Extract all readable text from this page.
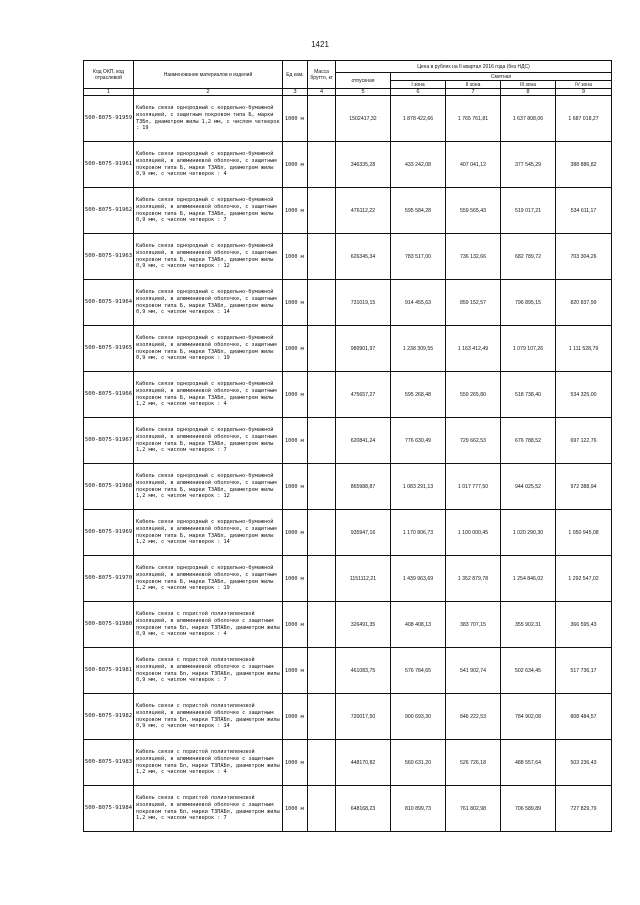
1421
Код ОКП, код отраслевой	Наименование материалов и изделий	Ед изм.	Масса брутто, кг	Цена в рублях на II квартал 2016 года (без НДС)				
				отпускная	Сметная			
					I зона	II зона	III зона	IV зона
1	2	3	4	5	6	7	8	9
500-8075-91959	Кабель связи однородный с кордельно-бумажной изоляцией, с защитным покровом типа Б, марки ТЗБп, диаметром жилы 1,2 мм, с числом четверок : 19	1000 м		1502417,32	1 878 422,66	1 765 761,81	1 637 808,06	1 687 018,27
500-8075-91961	Кабель связи однородный с кордельно-бумажной изоляцией, в алюминиевой оболочке, с защитным покровом типа Б, марки ТЗАБп, диаметром жилы 0,9 мм, с числом четверок : 4	1000 м		346335,28	433 242,08	407 041,12	377 545,29	388 886,82
500-8075-91962	Кабель связи однородный с кордельно-бумажной изоляцией, в алюминиевой оболочке, с защитным покровом типа Б, марки ТЗАБп, диаметром жилы 0,9 мм, с числом четверок : 7	1000 м		476112,22	595 584,28	559 565,43	519 017,21	534 611,17
500-8075-91963	Кабель связи однородный с кордельно-бумажной изоляцией, в алюминиевой оболочке, с защитным покровом типа Б, марки ТЗАБп, диаметром жилы 0,9 мм, с числом четверок : 12	1000 м		626345,34	783 517,00	736 132,66	682 789,72	703 304,26
500-8075-91964	Кабель связи однородный с кордельно-бумажной изоляцией, в алюминиевой оболочке, с защитным покровом типа Б, марки ТЗАБп, диаметром жилы 0,9 мм, с числом четверок : 14	1000 м		731019,15	914 455,63	859 152,57	796 895,15	820 837,99
500-8075-91965	Кабель связи однородный с кордельно-бумажной изоляцией, в алюминиевой оболочке, с защитным покровом типа Б, марки ТЗАБп, диаметром жилы 0,9 мм, с числом четверок : 19	1000 м		989901,97	1 238 309,55	1 163 412,49	1 079 107,26	1 111 528,79
500-8075-91966	Кабель связи однородный с кордельно-бумажной изоляцией, в алюминиевой оболочке, с защитным покровом типа Б, марки ТЗАБп, диаметром жилы 1,2 мм, с числом четверок : 4	1000 м		475657,27	595 268,48	559 265,80	518 738,40	534 325,00
500-8075-91967	Кабель связи однородный с кордельно-бумажной изоляцией, в алюминиевой оболочке, с защитным покровом типа Б, марки ТЗАБп, диаметром жилы 1,2 мм, с числом четверок : 7	1000 м		620841,24	776 630,49	729 662,53	676 788,52	697 122,76
500-8075-91968	Кабель связи однородный с кордельно-бумажной изоляцией, в алюминиевой оболочке, с защитным покровом типа Б, марки ТЗАБп, диаметром жилы 1,2 мм, с числом четверок : 12	1000 м		865988,87	1 083 291,13	1 017 777,50	944 025,52	972 388,94
500-8075-91969	Кабель связи однородный с кордельно-бумажной изоляцией, в алюминиевой оболочке, с защитным покровом типа Б, марки ТЗАБп, диаметром жилы 1,2 мм, с числом четверок : 14	1000 м		935947,16	1 170 806,73	1 100 000,45	1 020 290,30	1 050 945,08
500-8075-91970	Кабель связи однородный с кордельно-бумажной изоляцией, в алюминиевой оболочке, с защитным покровом типа Б, марки ТЗАБп, диаметром жилы 1,2 мм, с числом четверок : 19	1000 м		1151112,21	1 439 963,69	1 352 879,78	1 254 846,02	1 292 547,02
500-8075-91980	Кабель связи с пористой полиэтиленовой изоляцией, в алюминиевой оболочке с защитным покровом типа Бп, марки ТЗПАБп, диаметром жилы 0,9 мм, с числом четверок : 4	1000 м		326491,35	408 408,13	383 707,15	355 902,31	366 595,43
500-8075-91981	Кабель связи с пористой полиэтиленовой изоляцией, в алюминиевой оболочке с защитным покровом типа Бп, марки ТЗПАБп, диаметром жилы 0,9 мм, с числом четверок : 7	1000 м		461083,75	576 784,65	541 902,74	502 634,45	517 736,17
500-8075-91982	Кабель связи с пористой полиэтиленовой изоляцией, в алюминиевой оболочке с защитным покровом типа Бп, марки ТЗПАБп, диаметром жилы 0,9 мм, с числом четверок : 14	1000 м		720017,50	900 693,30	846 222,53	784 902,08	808 484,57
500-8075-91983	Кабель связи с пористой полиэтиленовой изоляцией, в алюминиевой оболочке с защитным покровом типа Бп, марки ТЗПАБп, диаметром жилы 1,2 мм, с числом четверок : 4	1000 м		448170,82	560 631,20	526 726,18	488 557,64	503 236,43
500-8075-91984	Кабель связи с пористой полиэтиленовой изоляцией, в алюминиевой оболочке с защитным покровом типа Бп, марки ТЗПАБп, диаметром жилы 1,2 мм, с числом четверок : 7	1000 м		648168,23	810 899,73	761 802,98	706 589,89	727 829,79
